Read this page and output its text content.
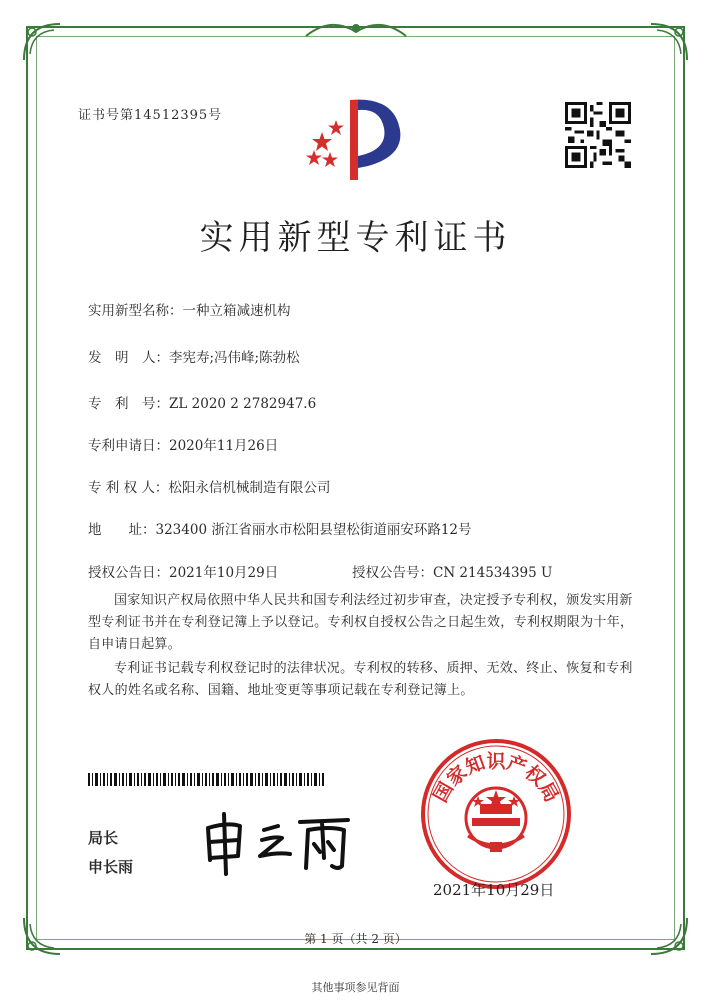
证书号第14512395号
实用新型专利证书
实用新型名称：一种立箱减速机构
发　明　人：李宪寿;冯伟峰;陈勃松
专　利　号：ZL 2020 2 2782947.6
专利申请日：2020年11月26日
专 利 权 人：松阳永信机械制造有限公司
地　　址：323400 浙江省丽水市松阳县望松街道丽安环路12号
授权公告日：2021年10月29日	授权公告号：CN 214534395 U
国家知识产权局依照中华人民共和国专利法经过初步审查，决定授予专利权，颁发实用新型专利证书并在专利登记簿上予以登记。专利权自授权公告之日起生效，专利权期限为十年，自申请日起算。
专利证书记载专利权登记时的法律状况。专利权的转移、质押、无效、终止、恢复和专利权人的姓名或名称、国籍、地址变更等事项记载在专利登记簿上。
局长
申长雨
国家知识产权局
2021年10月29日
第 1 页（共 2 页）
其他事项参见背面
